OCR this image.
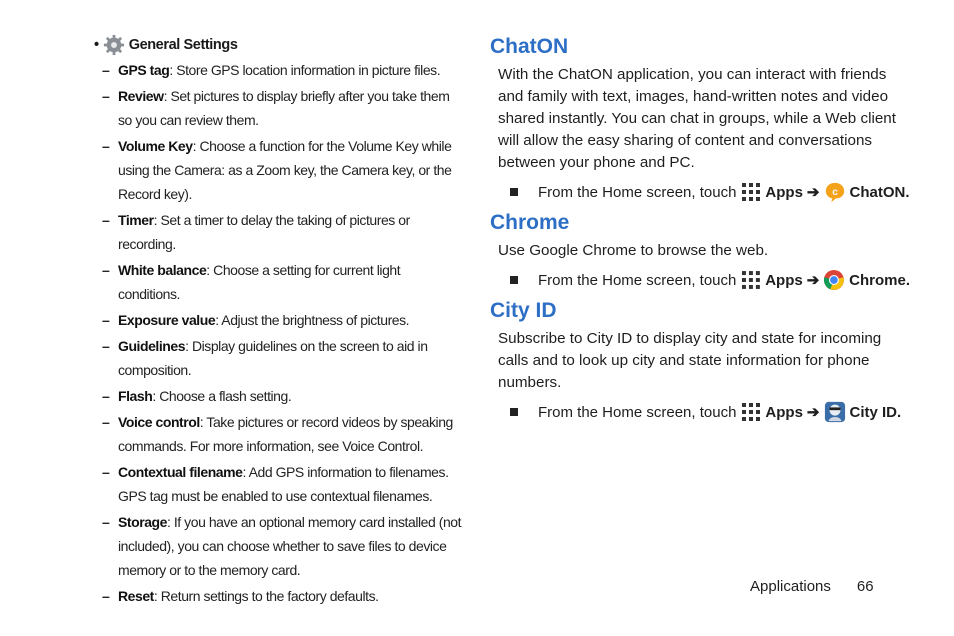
• General Settings
– GPS tag: Store GPS location information in picture files.
– Review: Set pictures to display briefly after you take them so you can review them.
– Volume Key: Choose a function for the Volume Key while using the Camera: as a Zoom key, the Camera key, or the Record key).
– Timer: Set a timer to delay the taking of pictures or recording.
– White balance: Choose a setting for current light conditions.
– Exposure value: Adjust the brightness of pictures.
– Guidelines: Display guidelines on the screen to aid in composition.
– Flash: Choose a flash setting.
– Voice control: Take pictures or record videos by speaking commands. For more information, see Voice Control.
– Contextual filename: Add GPS information to filenames. GPS tag must be enabled to use contextual filenames.
– Storage: If you have an optional memory card installed (not included), you can choose whether to save files to device memory or to the memory card.
– Reset: Return settings to the factory defaults.
ChatON
With the ChatON application, you can interact with friends and family with text, images, hand-written notes and video shared instantly. You can chat in groups, while a Web client will allow the easy sharing of content and conversations between your phone and PC.
From the Home screen, touch Apps ➔ c ChatON .
Chrome
Use Google Chrome to browse the web.
From the Home screen, touch Apps ➔ Chrome .
City ID
Subscribe to City ID to display city and state for incoming calls and to look up city and state information for phone numbers.
From the Home screen, touch Apps ➔ City ID .
Applications 66
